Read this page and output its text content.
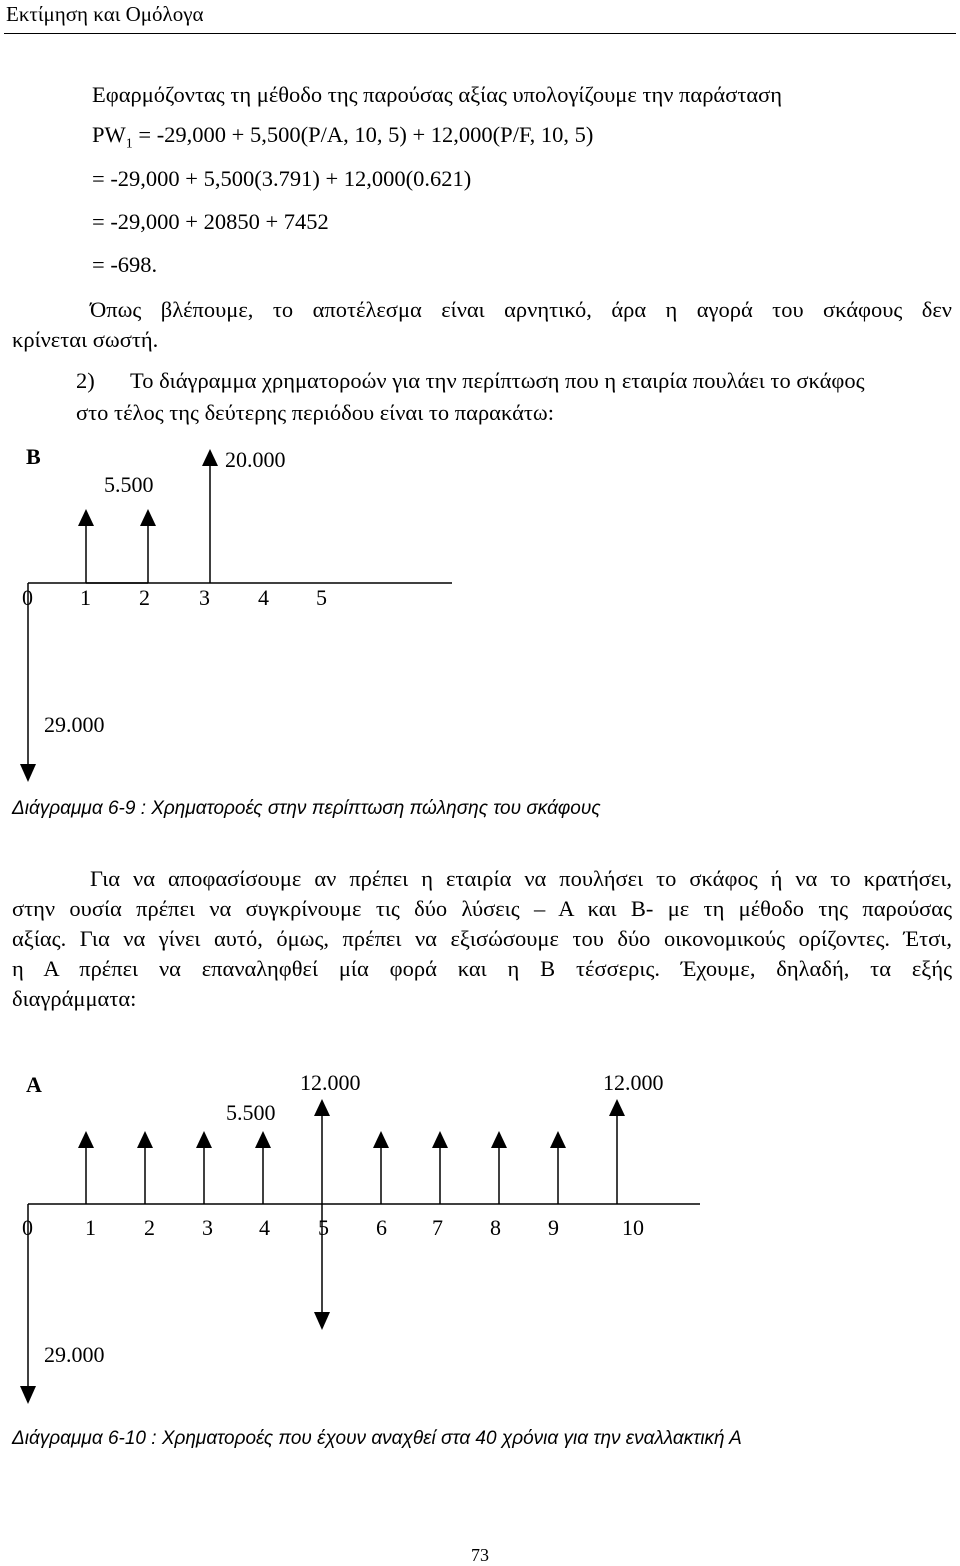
Εκτίμηση και Ομόλογα
Εφαρμόζοντας τη μέθοδο της παρούσας αξίας υπολογίζουμε την παράσταση
$PW_1 = -29,000 + 5,500(P/A$, 10, 5) + 12,000(P/F, 10, 5)
= -29,000 + 5,500(3.791) + 12,000(0.621)
= -29,000 + 20850 + 7452
= -698.
Όπως βλέπουμε, το αποτέλεσμα είναι αρνητικό, άρα η αγορά του σκάφους δεν
κρίνεται σωστή.
2) Το διάγραμμα χρηματοροών για την περίπτωση που η εταιρία πουλάει το σκάφος
στο τέλος της δεύτερης περιόδου είναι το παρακάτω:
B
5.500
20.000
29.000
0 1 2 3 4 5
Διάγραμμα 6-9 : Χρηματοροές στην περίπτωση πώλησης του σκάφους
Για να αποφασίσουμε αν πρέπει η εταιρία να πουλήσει το σκάφος ή να το κρατήσει,
στην ουσία πρέπει να συγκρίνουμε τις δύο λύσεις – Α και Β- με τη μέθοδο της παρούσας
αξίας. Για να γίνει αυτό, όμως, πρέπει να εξισώσουμε του δύο οικονομικούς ορίζοντες. Έτσι,
η Α πρέπει να επαναληφθεί μία φορά και η Β τέσσερις. Έχουμε, δηλαδή, τα εξής
διαγράμματα:
A
5.500
12.000	12.000
29.000
0 1 2 3 4 5 6 7 8 9	10
Διάγραμμα 6-10 : Χρηματοροές που έχουν αναχθεί στα 40 χρόνια για την εναλλακτική Α
73
